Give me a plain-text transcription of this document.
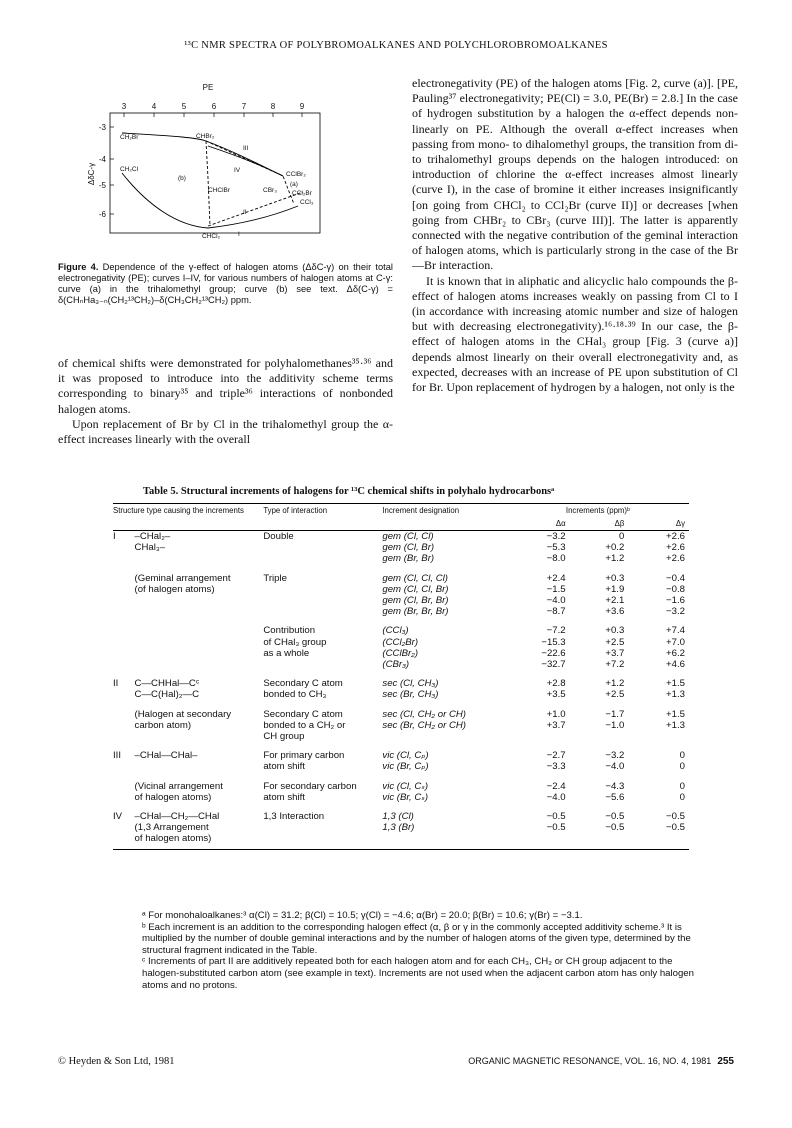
¹³C NMR SPECTRA OF POLYBROMOALKANES AND POLYCHLOROBROMOALKANES
PE
3	4	5	6	7	8	9
-3
-4
-5
-6
ΔδC-γ
CH₂Br	CHBr₂
CH₂Cl
(b)
CHClBr	CBr₃
CClBr₂
(a)
CCl₂Br
CCl₃
CHCl₂	I
II
III
IV
Figure 4. Dependence of the γ-effect of halogen atoms (ΔδC-γ) on their total electronegativity (PE); curves I–IV, for various numbers of halogen atoms at C-γ: curve (a) in the trihalomethyl group; curve (b) see text. Δδ(C-γ) = δ(CHₙHa₃₋ₙ(CH₂¹³CH₂)–δ(CH₃CH₂¹³CH₂) ppm.

of chemical shifts were demonstrated for polyhalomethanes³⁵·³⁶ and it was proposed to introduce into the additivity scheme terms corresponding to binary³⁵ and triple³⁶ interactions of nonbonded halogen atoms.

Upon replacement of Br by Cl in the trihalomethyl group the α-effect increases linearly with the overall

electronegativity (PE) of the halogen atoms [Fig. 2, curve (a)]. [PE, Pauling³⁷ electronegativity; PE(Cl) = 3.0, PE(Br) = 2.8.] In the case of hydrogen substitution by a halogen the α-effect depends non-linearly on PE. Although the overall α-effect increases when passing from mono- to dihalomethyl groups, the transition from di- to trihalomethyl groups depends on the halogen introduced: on introduction of chlorine the α-effect increases almost linearly (curve I), in the case of bromine it either increases insignificantly [on going from CHCl₂ to CCl₂Br (curve II)] or decreases [when going from CHBr₂ to CBr₃ (curve III)]. The latter is apparently connected with the negative contribution of the geminal interaction of halogen atoms, which is particularly strong in the case of the Br—Br interaction.

It is known that in aliphatic and alicyclic halo compounds the β-effect of halogen atoms increases weakly on passing from Cl to I (in accordance with increasing atomic number and size of halogen but with decreasing electronegativity).¹⁶·¹⁸·³⁹ In our case, the β-effect of halogen atoms in the CHal₃ group [Fig. 3 (curve a)] depends almost linearly on their overall electronegativity and, as expected, decreases with an increase of PE upon substitution of Cl for Br. Upon replacement of hydrogen by a halogen, not only is the

Table 5. Structural increments of halogens for ¹³C chemical shifts in polyhalo hydrocarbonsᵃ
Structure type causing the increments		Type of interaction	Increment designation	Increments (ppm)ᵇ		
				Δα	Δβ	Δγ
I	–CHal₂–	Double	gem (Cl, Cl)	−3.2	0	+2.6
	CHal₃–		gem (Cl, Br)	−5.3	+0.2	+2.6
			gem (Br, Br)	−8.0	+1.2	+2.6

	(Geminal arrangement	Triple	gem (Cl, Cl, Cl)	+2.4	+0.3	−0.4
	(of halogen atoms)		gem (Cl, Cl, Br)	−1.5	+1.9	−0.8
			gem (Cl, Br, Br)	−4.0	+2.1	−1.6
			gem (Br, Br, Br)	−8.7	+3.6	−3.2

		Contribution	(CCl₃)	−7.2	+0.3	+7.4
		of CHal₃ group	(CCl₂Br)	−15.3	+2.5	+7.0
		as a whole	(CClBr₂)	−22.6	+3.7	+6.2
			(CBr₃)	−32.7	+7.2	+4.6

II	C—CHHal—Cᶜ	Secondary C atom	sec (Cl, CH₃)	+2.8	+1.2	+1.5
	C—C(Hal)₂—C	bonded to CH₃	sec (Br, CH₃)	+3.5	+2.5	+1.3

	(Halogen at secondary	Secondary C atom	sec (Cl, CH₂ or CH)	+1.0	−1.7	+1.5
	carbon atom)	bonded to a CH₂ or	sec (Br, CH₂ or CH)	+3.7	−1.0	+1.3
		CH group				

III	–CHal—CHal–	For primary carbon	vic (Cl, Cₚ)	−2.7	−3.2	0
		atom shift	vic (Br, Cₚ)	−3.3	−4.0	0

	(Vicinal arrangement	For secondary carbon	vic (Cl, Cₛ)	−2.4	−4.3	0
	of halogen atoms)	atom shift	vic (Br, Cₛ)	−4.0	−5.6	0

IV	–CHal—CH₂—CHal	1,3 Interaction	1,3 (Cl)	−0.5	−0.5	−0.5
	(1,3 Arrangement		1,3 (Br)	−0.5	−0.5	−0.5
	of halogen atoms)					

ᵃ For monohaloalkanes:³ α(Cl) = 31.2; β(Cl) = 10.5; γ(Cl) = −4.6; α(Br) = 20.0; β(Br) = 10.6; γ(Br) = −3.1.

ᵇ Each increment is an addition to the corresponding halogen effect (α, β or γ in the commonly accepted additivity scheme.³ It is multiplied by the number of double geminal interactions and by the number of halogen atoms of the given type, determined by the structural fragment indicated in the Table.

ᶜ Increments of part II are additively repeated both for each halogen atom and for each CH₃, CH₂ or CH group adjacent to the halogen-substituted carbon atom (see example in text). Increments are not used when the adjacent carbon atom has only halogen atoms and no protons.

© Heyden & Son Ltd, 1981	ORGANIC MAGNETIC RESONANCE, VOL. 16, NO. 4, 1981 255
